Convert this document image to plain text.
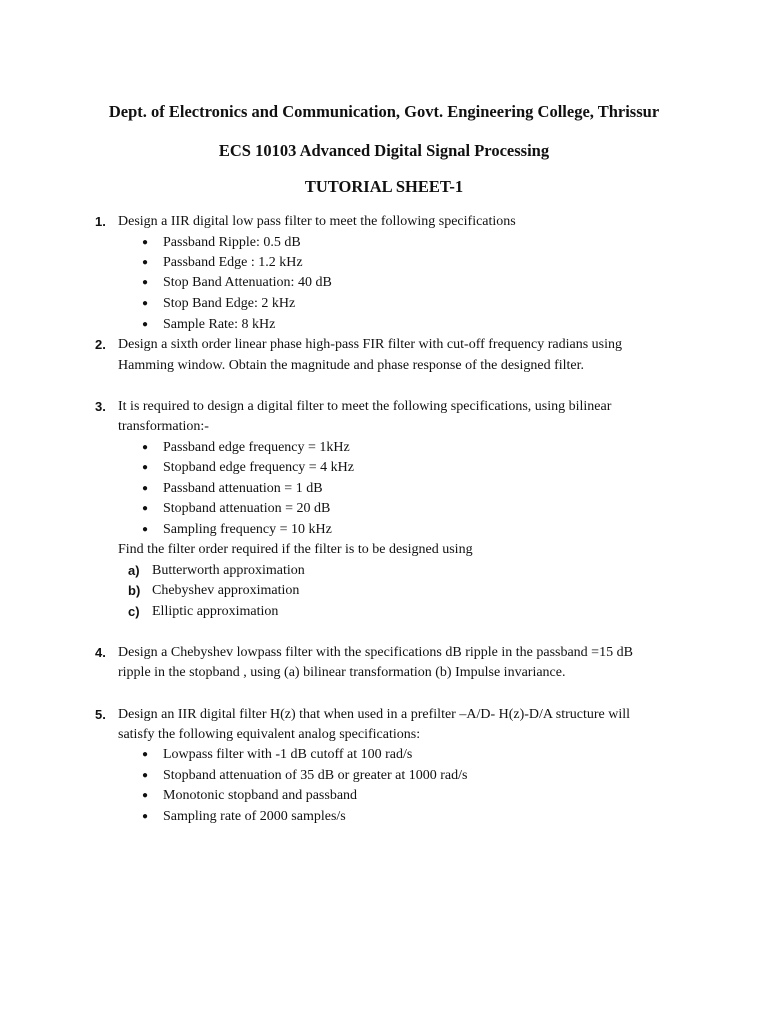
Dept. of Electronics and Communication, Govt. Engineering College, Thrissur
ECS 10103 Advanced Digital Signal Processing
TUTORIAL SHEET-1
1. Design a IIR digital low pass filter to meet the following specifications
● Passband Ripple: 0.5 dB
● Passband Edge : 1.2 kHz
● Stop Band Attenuation: 40 dB
● Stop Band Edge: 2 kHz
● Sample Rate: 8 kHz
2. Design a sixth order linear phase high-pass FIR filter with cut-off frequency radians using
Hamming window. Obtain the magnitude and phase response of the designed filter.
3. It is required to design a digital filter to meet the following specifications, using bilinear
transformation:-
● Passband edge frequency = 1kHz
● Stopband edge frequency = 4 kHz
● Passband attenuation = 1 dB
● Stopband attenuation = 20 dB
● Sampling frequency = 10 kHz
Find the filter order required if the filter is to be designed using
a) Butterworth approximation
b) Chebyshev approximation
c) Elliptic approximation
4. Design a Chebyshev lowpass filter with the specifications dB ripple in the passband =15 dB
ripple in the stopband , using (a) bilinear transformation (b) Impulse invariance.
5. Design an IIR digital filter H(z) that when used in a prefilter –A/D- H(z)-D/A structure will
satisfy the following equivalent analog specifications:
● Lowpass filter with -1 dB cutoff at 100 rad/s
● Stopband attenuation of 35 dB or greater at 1000 rad/s
● Monotonic stopband and passband
● Sampling rate of 2000 samples/s
